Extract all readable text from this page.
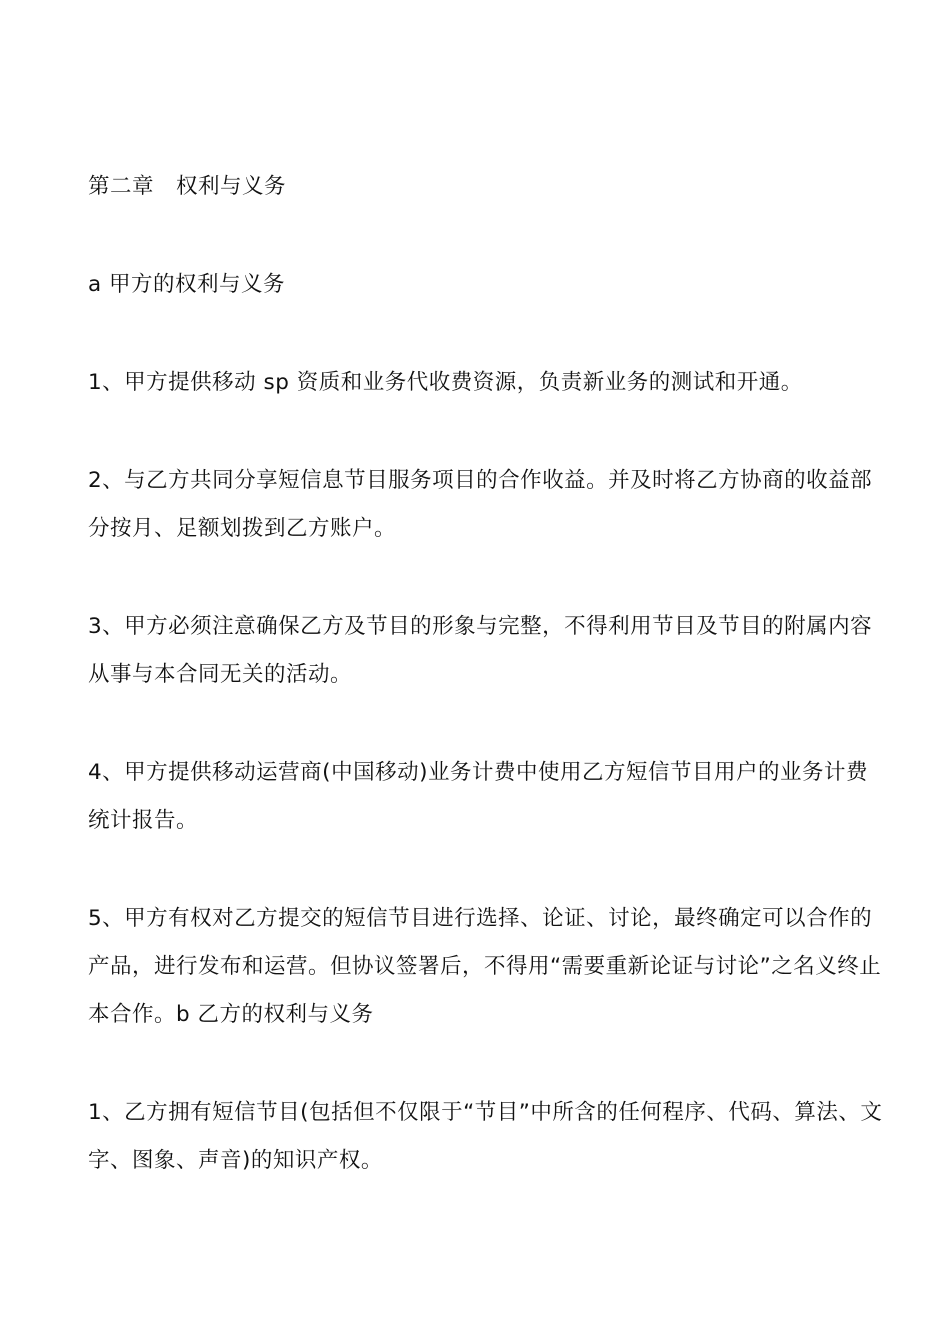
第二章　权利与义务

a 甲方的权利与义务

1、甲方提供移动 sp 资质和业务代收费资源，负责新业务的测试和开通。

2、与乙方共同分享短信息节目服务项目的合作收益。并及时将乙方协商的收益部分按月、足额划拨到乙方账户。

3、甲方必须注意确保乙方及节目的形象与完整，不得利用节目及节目的附属内容从事与本合同无关的活动。

4、甲方提供移动运营商(中国移动)业务计费中使用乙方短信节目用户的业务计费统计报告。

5、甲方有权对乙方提交的短信节目进行选择、论证、讨论，最终确定可以合作的产品，进行发布和运营。但协议签署后，不得用“需要重新论证与讨论”之名义终止本合作。b 乙方的权利与义务

1、乙方拥有短信节目(包括但不仅限于“节目”中所含的任何程序、代码、算法、文字、图象、声音)的知识产权。
